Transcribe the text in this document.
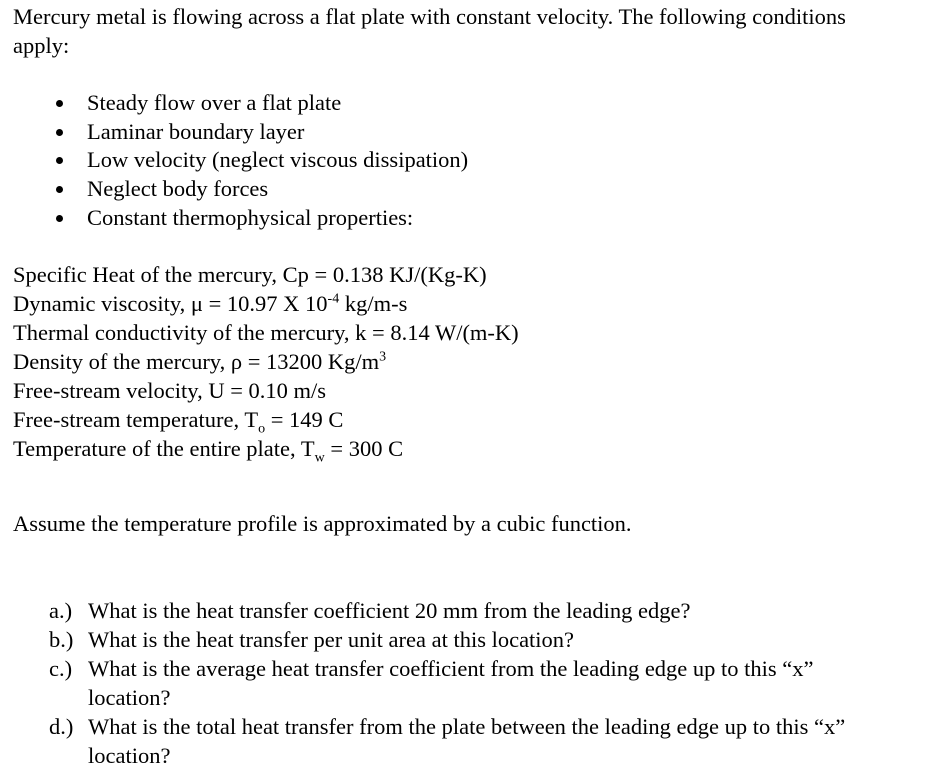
Mercury metal is flowing across a flat plate with constant velocity. The following conditions
apply:
Steady flow over a flat plate
Laminar boundary layer
Low velocity (neglect viscous dissipation)
Neglect body forces
Constant thermophysical properties:
Specific Heat of the mercury, Cp = 0.138 KJ/(Kg-K)
Dynamic viscosity, μ = 10.97 X $10^{-4}$ kg/m-s
Thermal conductivity of the mercury, k = 8.14 W/(m-K)
Density of the mercury, ρ = 13200 $Kg/m^3$
Free-stream velocity, U = 0.10 m/s
Free-stream temperature, $T_o = 149$ C
Temperature of the entire plate, $T_w = 300$ C
Assume the temperature profile is approximated by a cubic function.
a.) What is the heat transfer coefficient 20 mm from the leading edge?
b.) What is the heat transfer per unit area at this location?
c.) What is the average heat transfer coefficient from the leading edge up to this “x”
location?
d.) What is the total heat transfer from the plate between the leading edge up to this “x”
location?
